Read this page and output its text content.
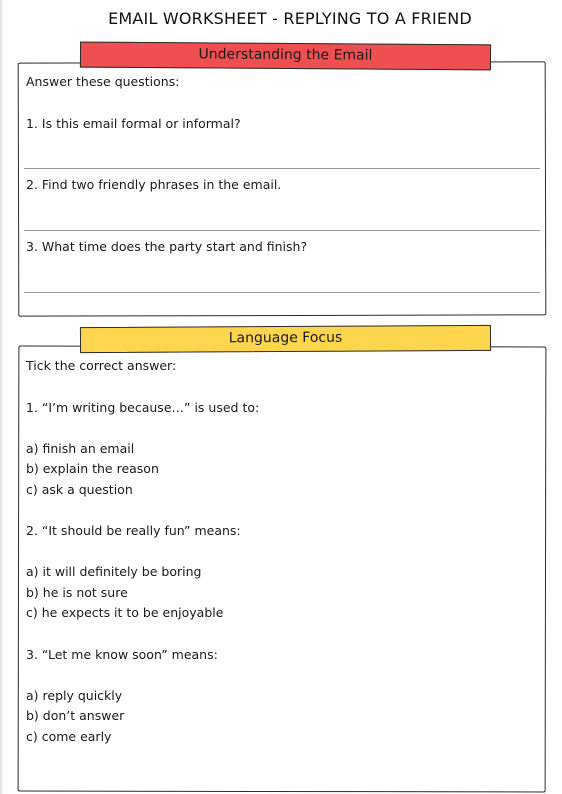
EMAIL WORKSHEET - REPLYING TO A FRIEND
Understanding the Email
Answer these questions:
1. Is this email formal or informal?
2. Find two friendly phrases in the email.
3. What time does the party start and finish?
Language Focus
Tick the correct answer:
1. “I’m writing because…” is used to:
a) finish an email
b) explain the reason
c) ask a question
2. “It should be really fun” means:
a) it will definitely be boring
b) he is not sure
c) he expects it to be enjoyable
3. “Let me know soon” means:
a) reply quickly
b) don’t answer
c) come early
